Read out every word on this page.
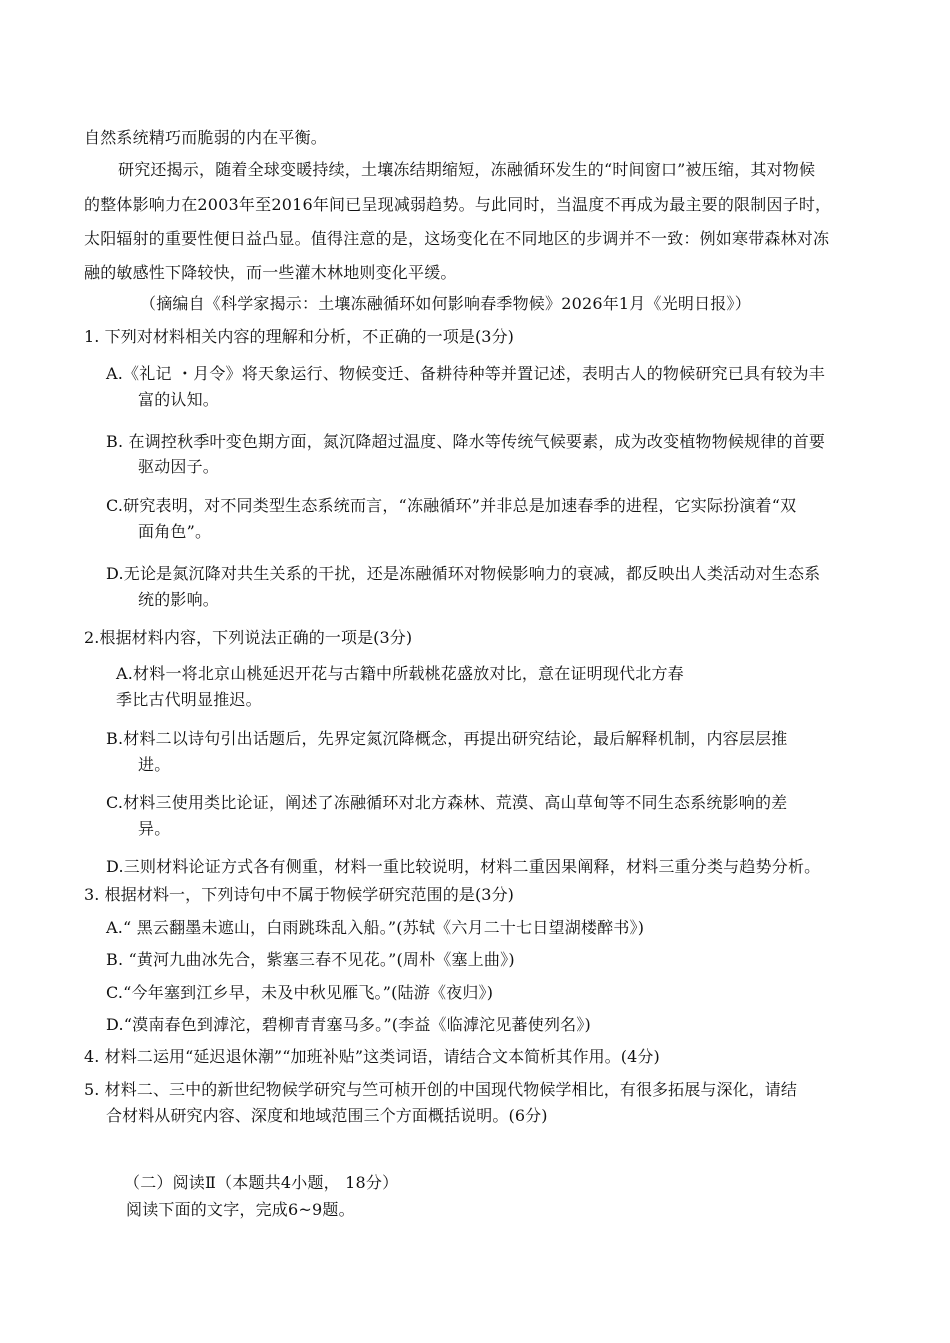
自然系统精巧而脆弱的内在平衡。
研究还揭示，随着全球变暖持续，土壤冻结期缩短，冻融循环发生的“时间窗口”被压缩，其对物候
的整体影响力在2003年至2016年间已呈现减弱趋势。与此同时，当温度不再成为最主要的限制因子时，
太阳辐射的重要性便日益凸显。值得注意的是，这场变化在不同地区的步调并不一致：例如寒带森林对冻
融的敏感性下降较快，而一些灌木林地则变化平缓。
（摘编自《科学家揭示：土壤冻融循环如何影响春季物候》2026年1月《光明日报》）
1. 下列对材料相关内容的理解和分析，不正确的一项是(3分)
A.《礼记 ・月令》将天象运行、物候变迁、备耕待种等并置记述，表明古人的物候研究已具有较为丰
富的认知。
B. 在调控秋季叶变色期方面，氮沉降超过温度、降水等传统气候要素，成为改变植物物候规律的首要
驱动因子。
C.研究表明，对不同类型生态系统而言，“冻融循环”并非总是加速春季的进程，它实际扮演着“双
面角色”。
D.无论是氮沉降对共生关系的干扰，还是冻融循环对物候影响力的衰减，都反映出人类活动对生态系
统的影响。
2.根据材料内容，下列说法正确的一项是(3分)
A.材料一将北京山桃延迟开花与古籍中所载桃花盛放对比，意在证明现代北方春
季比古代明显推迟。
B.材料二以诗句引出话题后，先界定氮沉降概念，再提出研究结论，最后解释机制，内容层层推
进。
C.材料三使用类比论证，阐述了冻融循环对北方森林、荒漠、高山草甸等不同生态系统影响的差
异。
D.三则材料论证方式各有侧重，材料一重比较说明，材料二重因果阐释，材料三重分类与趋势分析。
3. 根据材料一，下列诗句中不属于物候学研究范围的是(3分)
A.“ 黑云翻墨未遮山，白雨跳珠乱入船。”(苏轼《六月二十七日望湖楼醉书》)
B. “黄河九曲冰先合，紫塞三春不见花。”(周朴《塞上曲》)
C.“今年塞到江乡早，未及中秋见雁飞。”(陆游《夜归》)
D.“漠南春色到滹沱，碧柳青青塞马多。”(李益《临滹沱见蕃使列名》)
4. 材料二运用“延迟退休潮”“加班补贴”这类词语，请结合文本简析其作用。(4分)
5. 材料二、三中的新世纪物候学研究与竺可桢开创的中国现代物候学相比，有很多拓展与深化，请结
合材料从研究内容、深度和地域范围三个方面概括说明。(6分)
（二）阅读Ⅱ（本题共4小题， 18分）
阅读下面的文字，完成6~9题。
